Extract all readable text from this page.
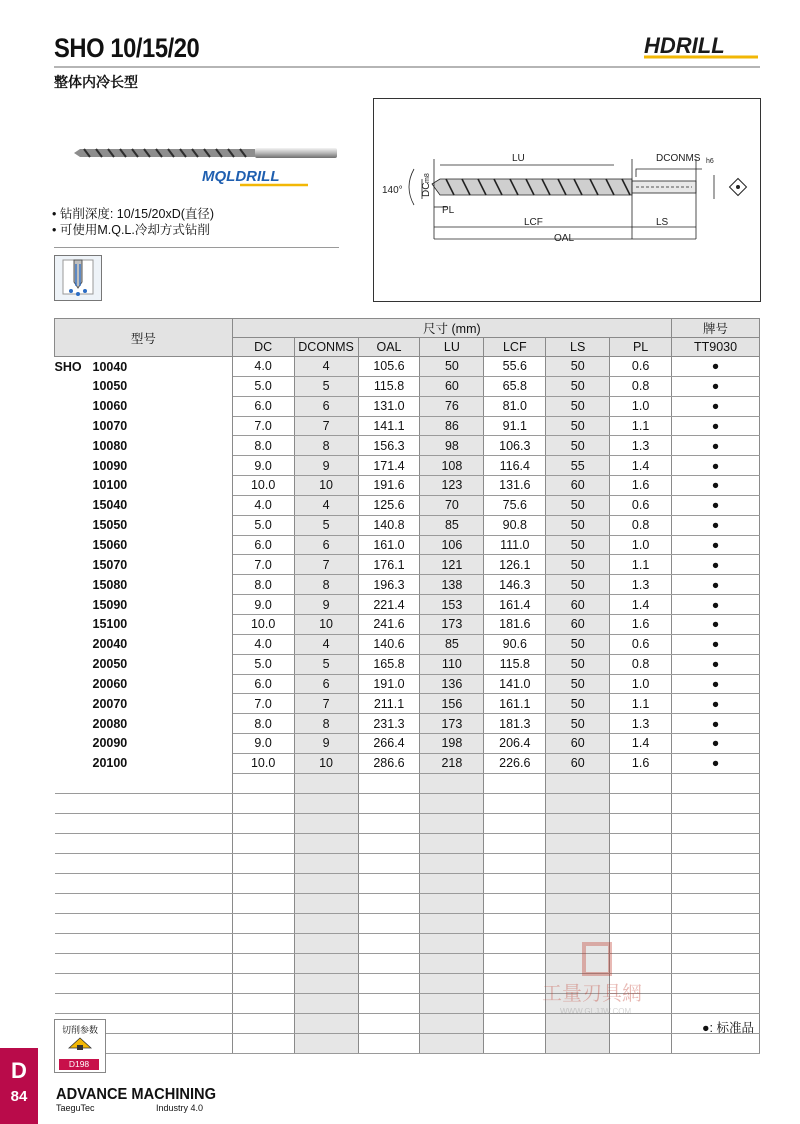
SHO 10/15/20
整体内冷长型
HDRILL
MQLDRILL
• 钻削深度: 10/15/20xD(直径)
• 可使用M.Q.L.冷却方式钻削
LU	DCONMS h6
140° DC
m8
PL
LCF	LS
OAL
型号	尺寸 (mm)							牌号
	DC	DCONMS	OAL	LU	LCF	LS	PL	TT9030
SHO 10040	4.0	4	105.6	50	55.6	50	0.6	●
10050	5.0	5	115.8	60	65.8	50	0.8	●
10060	6.0	6	131.0	76	81.0	50	1.0	●
10070	7.0	7	141.1	86	91.1	50	1.1	●
10080	8.0	8	156.3	98	106.3	50	1.3	●
10090	9.0	9	171.4	108	116.4	55	1.4	●
10100	10.0	10	191.6	123	131.6	60	1.6	●
15040	4.0	4	125.6	70	75.6	50	0.6	●
15050	5.0	5	140.8	85	90.8	50	0.8	●
15060	6.0	6	161.0	106	111.0	50	1.0	●
15070	7.0	7	176.1	121	126.1	50	1.1	●
15080	8.0	8	196.3	138	146.3	50	1.3	●
15090	9.0	9	221.4	153	161.4	60	1.4	●
15100	10.0	10	241.6	173	181.6	60	1.6	●
20040	4.0	4	140.6	85	90.6	50	0.6	●
20050	5.0	5	165.8	110	115.8	50	0.8	●
20060	6.0	6	191.0	136	141.0	50	1.0	●
20070	7.0	7	211.1	156	161.1	50	1.1	●
20080	8.0	8	231.3	173	181.3	50	1.3	●
20090	9.0	9	266.4	198	206.4	60	1.4	●
20100	10.0	10	286.6	218	226.6	60	1.6	●

●: 标准品
切削参数
D198
D
84	ADVANCE MACHINING
TaeguTec	Industry 4.0
工量刃具網
WWW.GLJJW.COM
